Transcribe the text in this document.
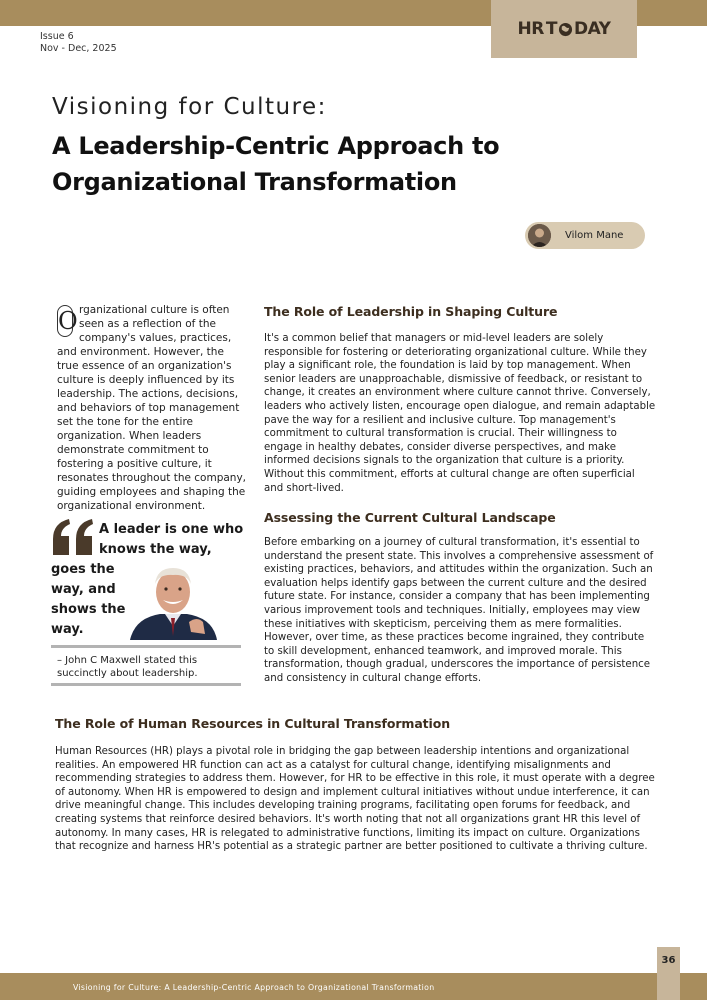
HR T DAY
Issue 6
Nov - Dec, 2025
Visioning for Culture:
A Leadership-Centric Approach to Organizational Transformation
Vilom Mane
O rganizational culture is often seen as a reflection of the company's values, practices, and environment. However, the true essence of an organization's culture is deeply influenced by its leadership. The actions, decisions, and behaviors of top management set the tone for the entire organization. When leaders demonstrate commitment to fostering a positive culture, it resonates throughout the company, guiding employees and shaping the organizational environment.
A leader is one who
knows the way,
goes the
way, and
shows the
way.
– John C Maxwell stated this succinctly about leadership.
The Role of Leadership in Shaping Culture

It's a common belief that managers or mid-level leaders are solely responsible for fostering or deteriorating organizational culture. While they play a significant role, the foundation is laid by top management. When senior leaders are unapproachable, dismissive of feedback, or resistant to change, it creates an environment where culture cannot thrive. Conversely, leaders who actively listen, encourage open dialogue, and remain adaptable pave the way for a resilient and inclusive culture. Top management's commitment to cultural transformation is crucial. Their willingness to engage in healthy debates, consider diverse perspectives, and make informed decisions signals to the organization that culture is a priority. Without this commitment, efforts at cultural change are often superficial and short-lived.

Assessing the Current Cultural Landscape

Before embarking on a journey of cultural transformation, it's essential to understand the present state. This involves a comprehensive assessment of existing practices, behaviors, and attitudes within the organization. Such an evaluation helps identify gaps between the current culture and the desired future state. For instance, consider a company that has been implementing various improvement tools and techniques. Initially, employees may view these initiatives with skepticism, perceiving them as mere formalities. However, over time, as these practices become ingrained, they contribute to skill development, enhanced teamwork, and improved morale. This transformation, though gradual, underscores the importance of persistence and consistency in cultural change efforts.

The Role of Human Resources in Cultural Transformation

Human Resources (HR) plays a pivotal role in bridging the gap between leadership intentions and organizational realities. An empowered HR function can act as a catalyst for cultural change, identifying misalignments and recommending strategies to address them. However, for HR to be effective in this role, it must operate with a degree of autonomy. When HR is empowered to design and implement cultural initiatives without undue interference, it can drive meaningful change. This includes developing training programs, facilitating open forums for feedback, and creating systems that reinforce desired behaviors. It's worth noting that not all organizations grant HR this level of autonomy. In many cases, HR is relegated to administrative functions, limiting its impact on culture. Organizations that recognize and harness HR's potential as a strategic partner are better positioned to cultivate a thriving culture.

36
Visioning for Culture: A Leadership-Centric Approach to Organizational Transformation
